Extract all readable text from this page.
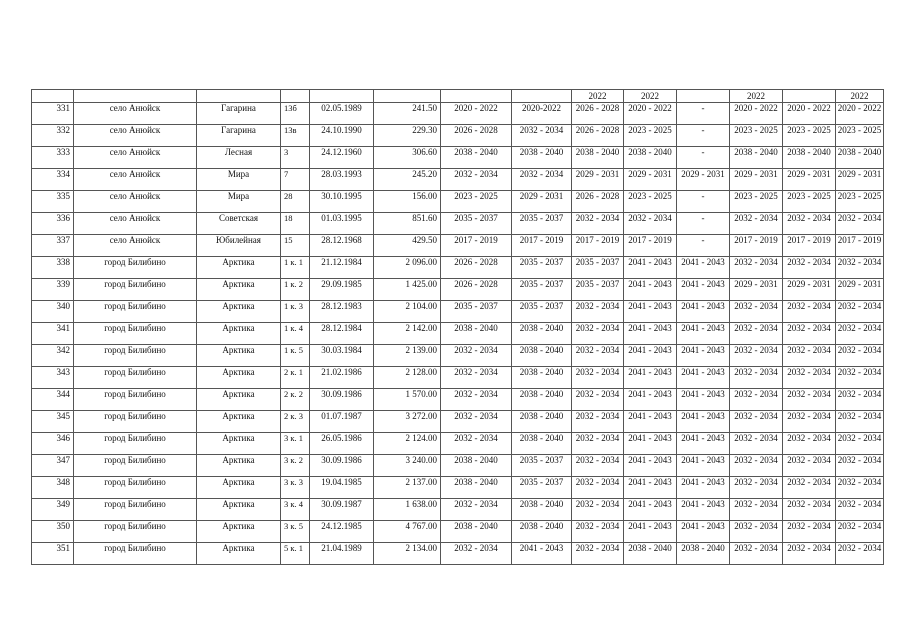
								2022	2022		2022		2022
331	село Анюйск	Гагарина	13б	02.05.1989	241.50	2020 - 2022	2020-2022	2026 - 2028	2020 - 2022	-	2020 - 2022	2020 - 2022	2020 - 2022
332	село Анюйск	Гагарина	13в	24.10.1990	229.30	2026 - 2028	2032 - 2034	2026 - 2028	2023 - 2025	-	2023 - 2025	2023 - 2025	2023 - 2025
333	село Анюйск	Лесная	3	24.12.1960	306.60	2038 - 2040	2038 - 2040	2038 - 2040	2038 - 2040	-	2038 - 2040	2038 - 2040	2038 - 2040
334	село Анюйск	Мира	7	28.03.1993	245.20	2032 - 2034	2032 - 2034	2029 - 2031	2029 - 2031	2029 - 2031	2029 - 2031	2029 - 2031	2029 - 2031
335	село Анюйск	Мира	28	30.10.1995	156.00	2023 - 2025	2029 - 2031	2026 - 2028	2023 - 2025	-	2023 - 2025	2023 - 2025	2023 - 2025
336	село Анюйск	Советская	18	01.03.1995	851.60	2035 - 2037	2035 - 2037	2032 - 2034	2032 - 2034	-	2032 - 2034	2032 - 2034	2032 - 2034
337	село Анюйск	Юбилейная	15	28.12.1968	429.50	2017 - 2019	2017 - 2019	2017 - 2019	2017 - 2019	-	2017 - 2019	2017 - 2019	2017 - 2019
338	город Билибино	Арктика	1 к. 1	21.12.1984	2 096.00	2026 - 2028	2035 - 2037	2035 - 2037	2041 - 2043	2041 - 2043	2032 - 2034	2032 - 2034	2032 - 2034
339	город Билибино	Арктика	1 к. 2	29.09.1985	1 425.00	2026 - 2028	2035 - 2037	2035 - 2037	2041 - 2043	2041 - 2043	2029 - 2031	2029 - 2031	2029 - 2031
340	город Билибино	Арктика	1 к. 3	28.12.1983	2 104.00	2035 - 2037	2035 - 2037	2032 - 2034	2041 - 2043	2041 - 2043	2032 - 2034	2032 - 2034	2032 - 2034
341	город Билибино	Арктика	1 к. 4	28.12.1984	2 142.00	2038 - 2040	2038 - 2040	2032 - 2034	2041 - 2043	2041 - 2043	2032 - 2034	2032 - 2034	2032 - 2034
342	город Билибино	Арктика	1 к. 5	30.03.1984	2 139.00	2032 - 2034	2038 - 2040	2032 - 2034	2041 - 2043	2041 - 2043	2032 - 2034	2032 - 2034	2032 - 2034
343	город Билибино	Арктика	2 к. 1	21.02.1986	2 128.00	2032 - 2034	2038 - 2040	2032 - 2034	2041 - 2043	2041 - 2043	2032 - 2034	2032 - 2034	2032 - 2034
344	город Билибино	Арктика	2 к. 2	30.09.1986	1 570.00	2032 - 2034	2038 - 2040	2032 - 2034	2041 - 2043	2041 - 2043	2032 - 2034	2032 - 2034	2032 - 2034
345	город Билибино	Арктика	2 к. 3	01.07.1987	3 272.00	2032 - 2034	2038 - 2040	2032 - 2034	2041 - 2043	2041 - 2043	2032 - 2034	2032 - 2034	2032 - 2034
346	город Билибино	Арктика	3 к. 1	26.05.1986	2 124.00	2032 - 2034	2038 - 2040	2032 - 2034	2041 - 2043	2041 - 2043	2032 - 2034	2032 - 2034	2032 - 2034
347	город Билибино	Арктика	3 к. 2	30.09.1986	3 240.00	2038 - 2040	2035 - 2037	2032 - 2034	2041 - 2043	2041 - 2043	2032 - 2034	2032 - 2034	2032 - 2034
348	город Билибино	Арктика	3 к. 3	19.04.1985	2 137.00	2038 - 2040	2035 - 2037	2032 - 2034	2041 - 2043	2041 - 2043	2032 - 2034	2032 - 2034	2032 - 2034
349	город Билибино	Арктика	3 к. 4	30.09.1987	1 638.00	2032 - 2034	2038 - 2040	2032 - 2034	2041 - 2043	2041 - 2043	2032 - 2034	2032 - 2034	2032 - 2034
350	город Билибино	Арктика	3 к. 5	24.12.1985	4 767.00	2038 - 2040	2038 - 2040	2032 - 2034	2041 - 2043	2041 - 2043	2032 - 2034	2032 - 2034	2032 - 2034
351	город Билибино	Арктика	5 к. 1	21.04.1989	2 134.00	2032 - 2034	2041 - 2043	2032 - 2034	2038 - 2040	2038 - 2040	2032 - 2034	2032 - 2034	2032 - 2034
